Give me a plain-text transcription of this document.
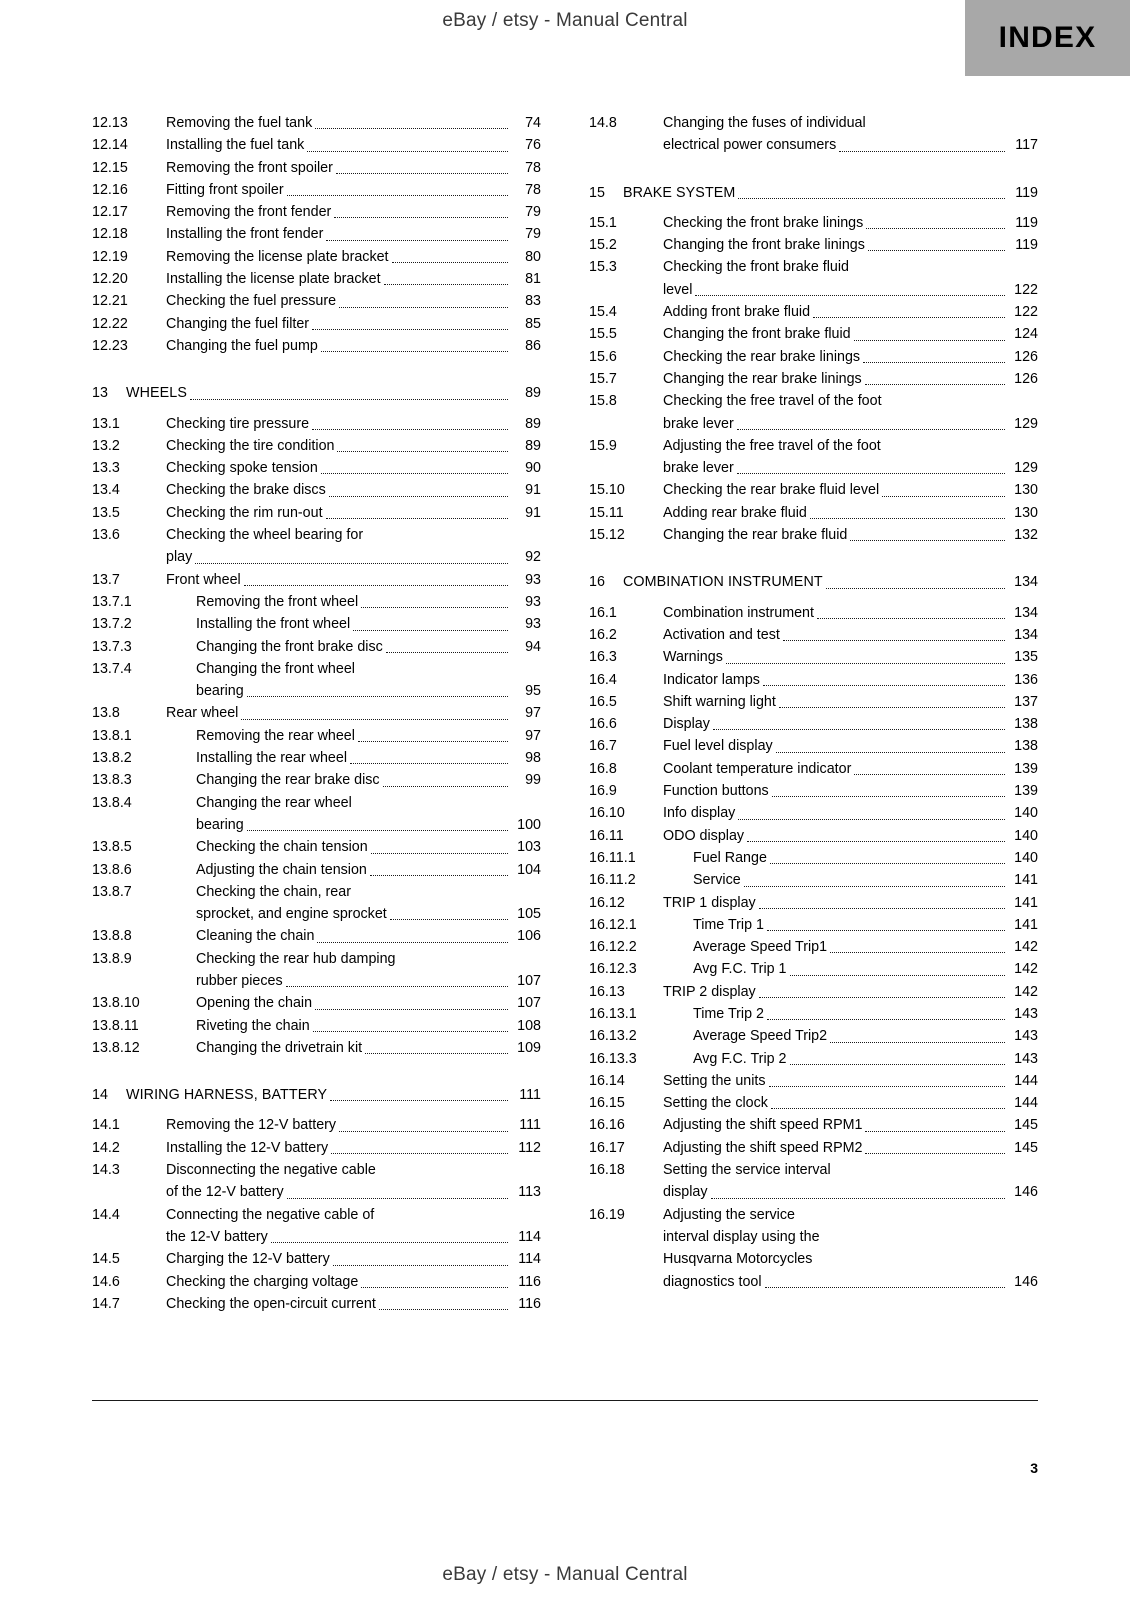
eBay / etsy - Manual Central
INDEX
12.13	Removing the fuel tank	74
12.14	Installing the fuel tank	76
12.15	Removing the front spoiler	78
12.16	Fitting front spoiler	78
12.17	Removing the front fender	79
12.18	Installing the front fender	79
12.19	Removing the license plate bracket	80
12.20	Installing the license plate bracket	81
12.21	Checking the fuel pressure	83
12.22	Changing the fuel filter	85
12.23	Changing the fuel pump	86
13	WHEELS	89
13.1	Checking tire pressure	89
13.2	Checking the tire condition	89
13.3	Checking spoke tension	90
13.4	Checking the brake discs	91
13.5	Checking the rim run-out	91
13.6	Checking the wheel bearing for
play	92
13.7	Front wheel	93
13.7.1	Removing the front wheel	93
13.7.2	Installing the front wheel	93
13.7.3	Changing the front brake disc	94
13.7.4	Changing the front wheel
bearing	95
13.8	Rear wheel	97
13.8.1	Removing the rear wheel	97
13.8.2	Installing the rear wheel	98
13.8.3	Changing the rear brake disc	99
13.8.4	Changing the rear wheel
bearing	100
13.8.5	Checking the chain tension	103
13.8.6	Adjusting the chain tension	104
13.8.7	Checking the chain, rear
sprocket, and engine sprocket	105
13.8.8	Cleaning the chain	106
13.8.9	Checking the rear hub damping
rubber pieces	107
13.8.10	Opening the chain	107
13.8.11	Riveting the chain	108
13.8.12	Changing the drivetrain kit	109
14	WIRING HARNESS, BATTERY	111
14.1	Removing the 12-V battery	111
14.2	Installing the 12-V battery	112
14.3	Disconnecting the negative cable
of the 12-V battery	113
14.4	Connecting the negative cable of
the 12-V battery	114
14.5	Charging the 12-V battery	114
14.6	Checking the charging voltage	116
14.7	Checking the open-circuit current	116
14.8	Changing the fuses of individual
electrical power consumers	117
15	BRAKE SYSTEM	119
15.1	Checking the front brake linings	119
15.2	Changing the front brake linings	119
15.3	Checking the front brake fluid
level	122
15.4	Adding front brake fluid	122
15.5	Changing the front brake fluid	124
15.6	Checking the rear brake linings	126
15.7	Changing the rear brake linings	126
15.8	Checking the free travel of the foot
brake lever	129
15.9	Adjusting the free travel of the foot
brake lever	129
15.10	Checking the rear brake fluid level	130
15.11	Adding rear brake fluid	130
15.12	Changing the rear brake fluid	132
16	COMBINATION INSTRUMENT	134
16.1	Combination instrument	134
16.2	Activation and test	134
16.3	Warnings	135
16.4	Indicator lamps	136
16.5	Shift warning light	137
16.6	Display	138
16.7	Fuel level display	138
16.8	Coolant temperature indicator	139
16.9	Function buttons	139
16.10	Info display	140
16.11	ODO display	140
16.11.1	Fuel Range	140
16.11.2	Service	141
16.12	TRIP 1 display	141
16.12.1	Time Trip 1	141
16.12.2	Average Speed Trip1	142
16.12.3	Avg F.C. Trip 1	142
16.13	TRIP 2 display	142
16.13.1	Time Trip 2	143
16.13.2	Average Speed Trip2	143
16.13.3	Avg F.C. Trip 2	143
16.14	Setting the units	144
16.15	Setting the clock	144
16.16	Adjusting the shift speed RPM1	145
16.17	Adjusting the shift speed RPM2	145
16.18	Setting the service interval
display	146
16.19	Adjusting the service
interval display using the
Husqvarna Motorcycles
diagnostics tool	146
3
eBay / etsy - Manual Central
